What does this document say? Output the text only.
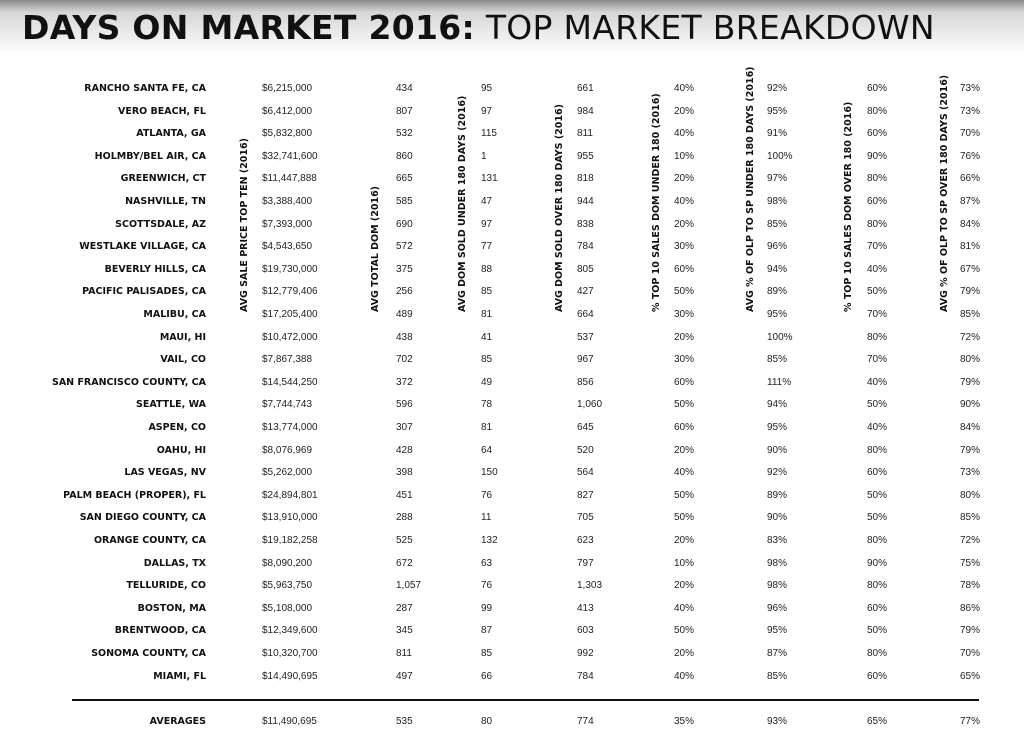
DAYS ON MARKET 2016: TOP MARKET BREAKDOWN
AVG SALE PRICE TOP TEN (2016)	AVG TOTAL DOM (2016)	AVG DOM SOLD UNDER 180 DAYS (2016)	AVG DOM SOLD OVER 180 DAYS (2016)	% TOP 10 SALES DOM UNDER 180 (2016)	AVG % OF OLP TO SP UNDER 180 DAYS (2016)	% TOP 10 SALES DOM OVER 180 (2016)	AVG % OF OLP TO SP OVER 180 DAYS (2016)
RANCHO SANTA FE, CA	$6,215,000	434	95	661	40%	92%	60%	73%
VERO BEACH, FL	$6,412,000	807	97	984	20%	95%	80%	73%
ATLANTA, GA	$5,832,800	532	115	811	40%	91%	60%	70%
HOLMBY/BEL AIR, CA	$32,741,600	860	1	955	10%	100%	90%	76%
GREENWICH, CT	$11,447,888	665	131	818	20%	97%	80%	66%
NASHVILLE, TN	$3,388,400	585	47	944	40%	98%	60%	87%
SCOTTSDALE, AZ	$7,393,000	690	97	838	20%	85%	80%	84%
WESTLAKE VILLAGE, CA	$4,543,650	572	77	784	30%	96%	70%	81%
BEVERLY HILLS, CA	$19,730,000	375	88	805	60%	94%	40%	67%
PACIFIC PALISADES, CA	$12,779,406	256	85	427	50%	89%	50%	79%
MALIBU, CA	$17,205,400	489	81	664	30%	95%	70%	85%
MAUI, HI	$10,472,000	438	41	537	20%	100%	80%	72%
VAIL, CO	$7,867,388	702	85	967	30%	85%	70%	80%
SAN FRANCISCO COUNTY, CA	$14,544,250	372	49	856	60%	111%	40%	79%
SEATTLE, WA	$7,744,743	596	78	1,060	50%	94%	50%	90%
ASPEN, CO	$13,774,000	307	81	645	60%	95%	40%	84%
OAHU, HI	$8,076,969	428	64	520	20%	90%	80%	79%
LAS VEGAS, NV	$5,262,000	398	150	564	40%	92%	60%	73%
PALM BEACH (PROPER), FL	$24,894,801	451	76	827	50%	89%	50%	80%
SAN DIEGO COUNTY, CA	$13,910,000	288	11	705	50%	90%	50%	85%
ORANGE COUNTY, CA	$19,182,258	525	132	623	20%	83%	80%	72%
DALLAS, TX	$8,090,200	672	63	797	10%	98%	90%	75%
TELLURIDE, CO	$5,963,750	1,057	76	1,303	20%	98%	80%	78%
BOSTON, MA	$5,108,000	287	99	413	40%	96%	60%	86%
BRENTWOOD, CA	$12,349,600	345	87	603	50%	95%	50%	79%
SONOMA COUNTY, CA	$10,320,700	811	85	992	20%	87%	80%	70%
MIAMI, FL	$14,490,695	497	66	784	40%	85%	60%	65%
AVERAGES	$11,490,695	535	80	774	35%	93%	65%	77%
